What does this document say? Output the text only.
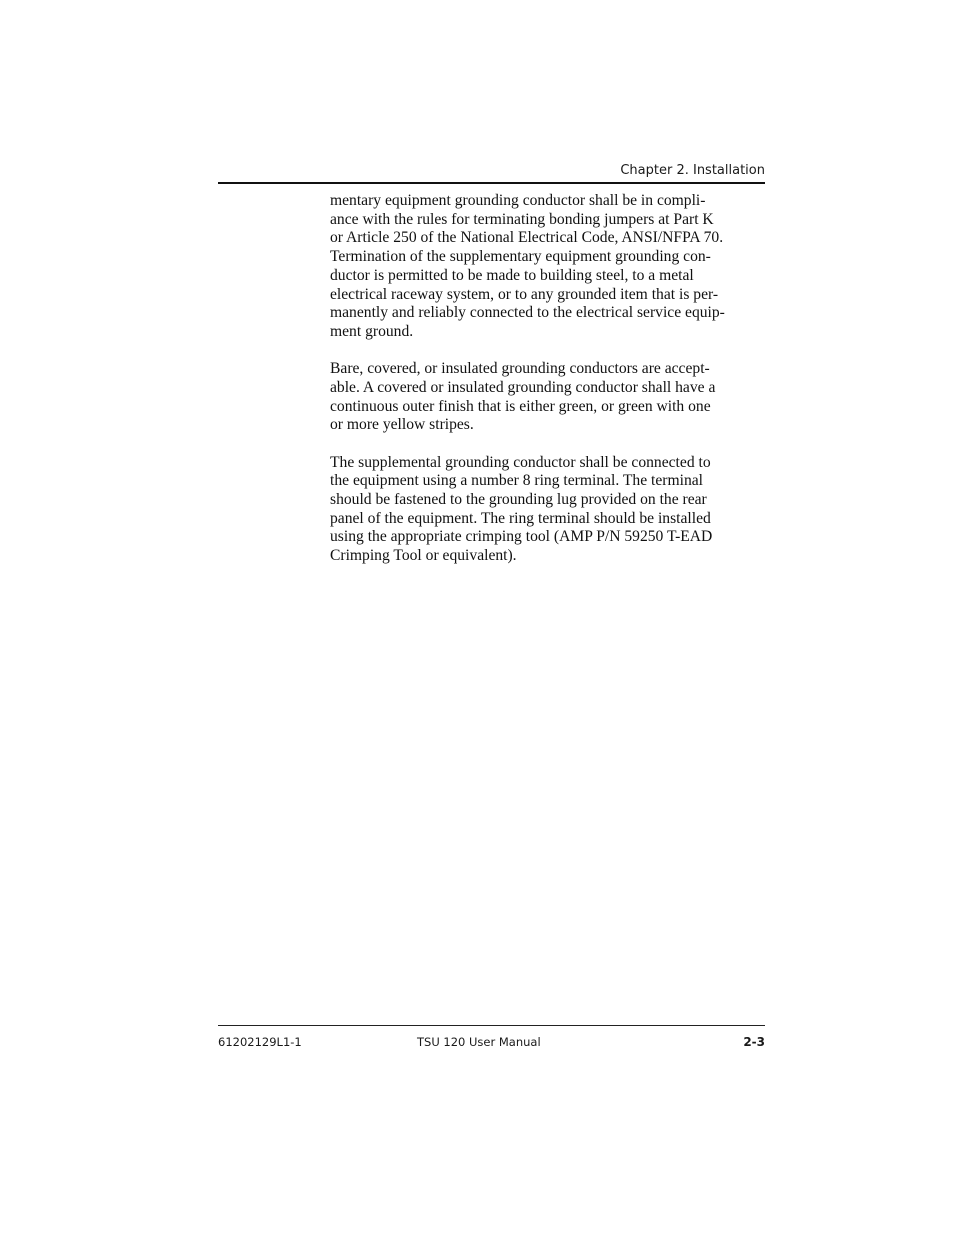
Chapter 2. Installation

mentary equipment grounding conductor shall be in compli-
ance with the rules for terminating bonding jumpers at Part K
or Article 250 of the National Electrical Code, ANSI/NFPA 70.
Termination of the supplementary equipment grounding con-
ductor is permitted to be made to building steel, to a metal
electrical raceway system, or to any grounded item that is per-
manently and reliably connected to the electrical service equip-
ment ground.

Bare, covered, or insulated grounding conductors are accept-
able. A covered or insulated grounding conductor shall have a
continuous outer finish that is either green, or green with one
or more yellow stripes.

The supplemental grounding conductor shall be connected to
the equipment using a number 8 ring terminal. The terminal
should be fastened to the grounding lug provided on the rear
panel of the equipment. The ring terminal should be installed
using the appropriate crimping tool (AMP P/N 59250 T-EAD
Crimping Tool or equivalent).

61202129L1-1	TSU 120 User Manual	2-3
